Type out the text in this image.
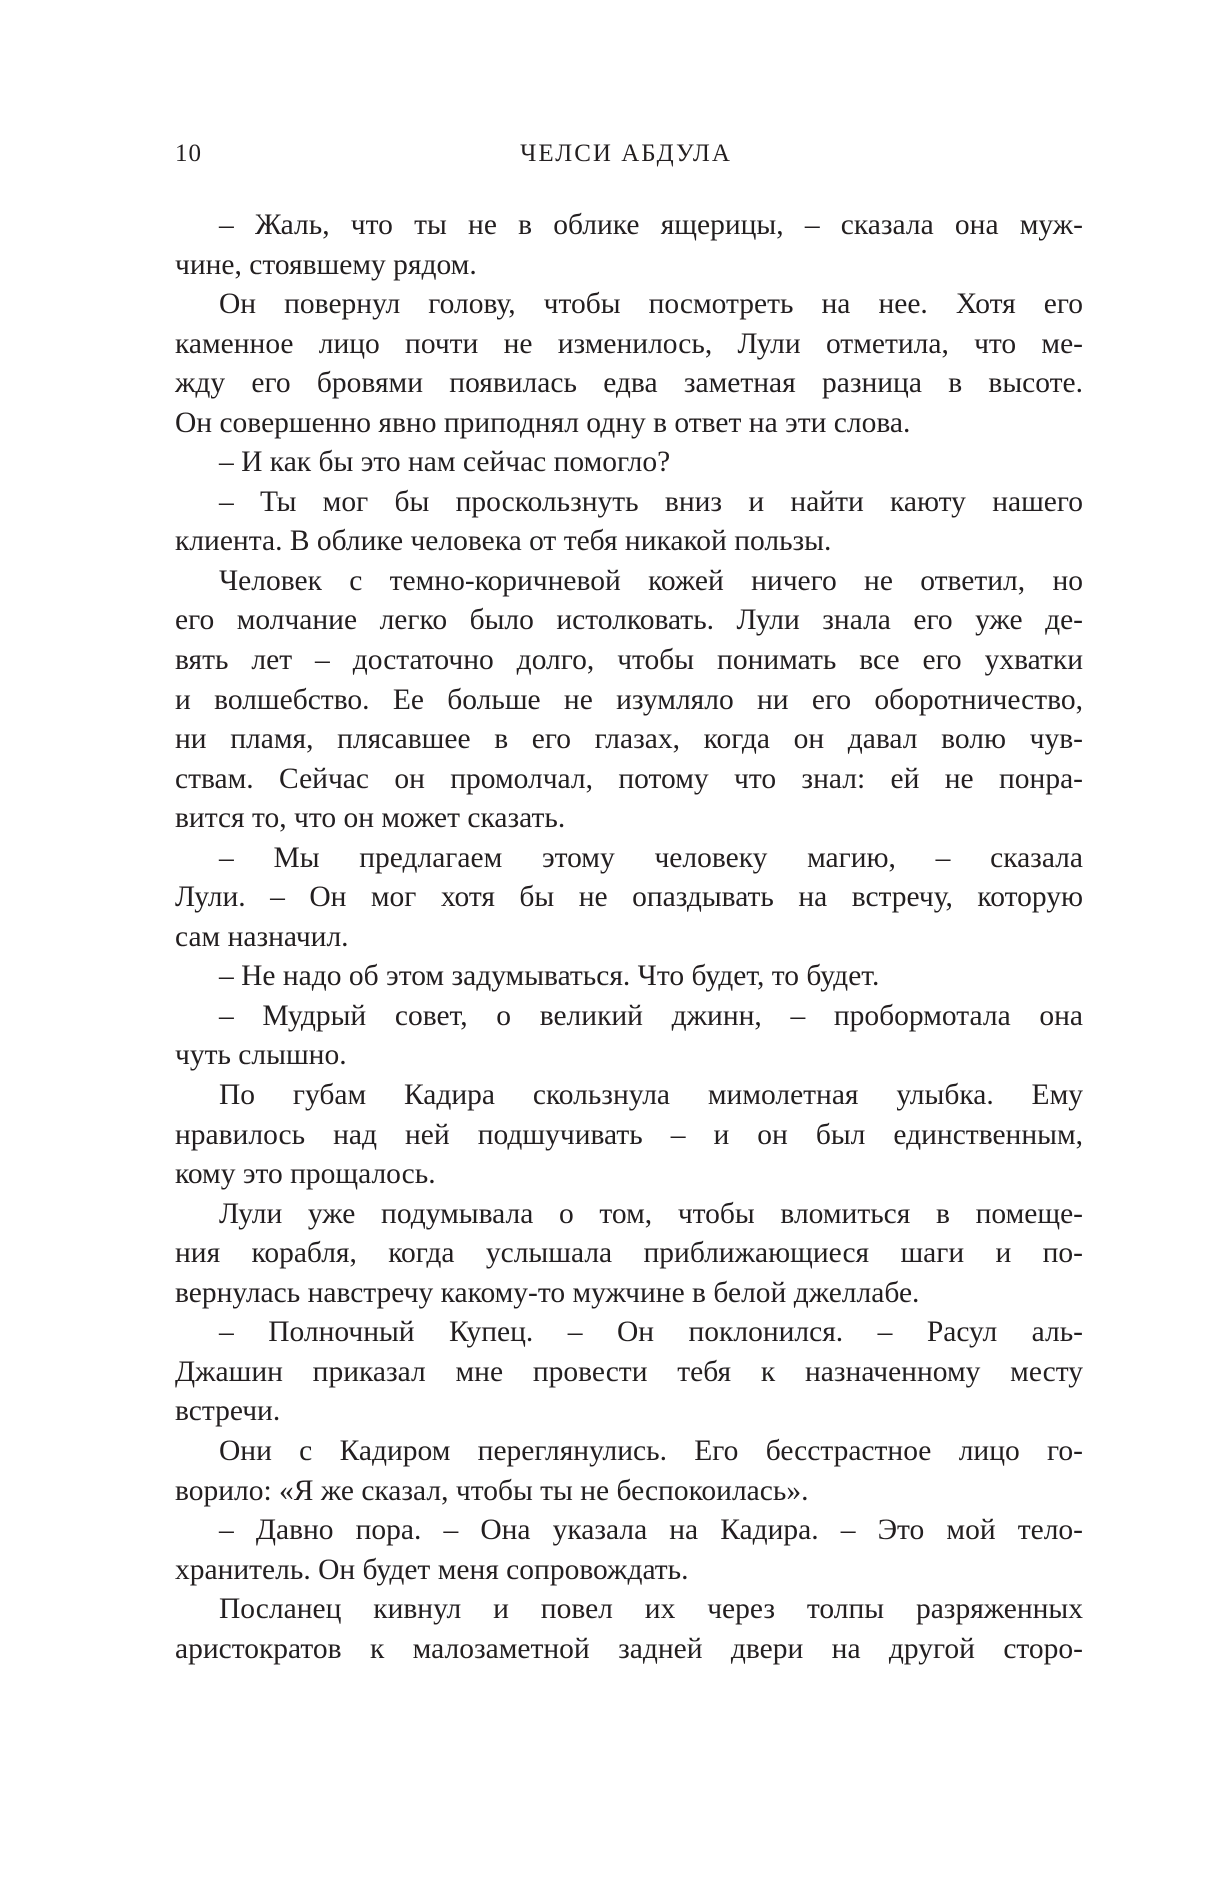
10	ЧЕЛСИ АБДУЛА
– Жаль, что ты не в облике ящерицы, – сказала она муж-
чине, стоявшему рядом.
Он повернул голову, чтобы посмотреть на нее. Хотя его
каменное лицо почти не изменилось, Лули отметила, что ме-
жду его бровями появилась едва заметная разница в высоте.
Он совершенно явно приподнял одну в ответ на эти слова.
– И как бы это нам сейчас помогло?
– Ты мог бы проскользнуть вниз и найти каюту нашего
клиента. В облике человека от тебя никакой пользы.
Человек с темно-коричневой кожей ничего не ответил, но
его молчание легко было истолковать. Лули знала его уже де-
вять лет – достаточно долго, чтобы понимать все его ухватки
и волшебство. Ее больше не изумляло ни его оборотничество,
ни пламя, плясавшее в его глазах, когда он давал волю чув-
ствам. Сейчас он промолчал, потому что знал: ей не понра-
вится то, что он может сказать.
– Мы предлагаем этому человеку магию, – сказала
Лули. – Он мог хотя бы не опаздывать на встречу, которую
сам назначил.
– Не надо об этом задумываться. Что будет, то будет.
– Мудрый совет, о великий джинн, – пробормотала она
чуть слышно.
По губам Кадира скользнула мимолетная улыбка. Ему
нравилось над ней подшучивать – и он был единственным,
кому это прощалось.
Лули уже подумывала о том, чтобы вломиться в помеще-
ния корабля, когда услышала приближающиеся шаги и по-
вернулась навстречу какому-то мужчине в белой джеллабе.
– Полночный Купец. – Он поклонился. – Расул аль-
Джашин приказал мне провести тебя к назначенному месту
встречи.
Они с Кадиром переглянулись. Его бесстрастное лицо го-
ворило: «Я же сказал, чтобы ты не беспокоилась».
– Давно пора. – Она указала на Кадира. – Это мой тело-
хранитель. Он будет меня сопровождать.
Посланец кивнул и повел их через толпы разряженных
аристократов к малозаметной задней двери на другой сторо-
